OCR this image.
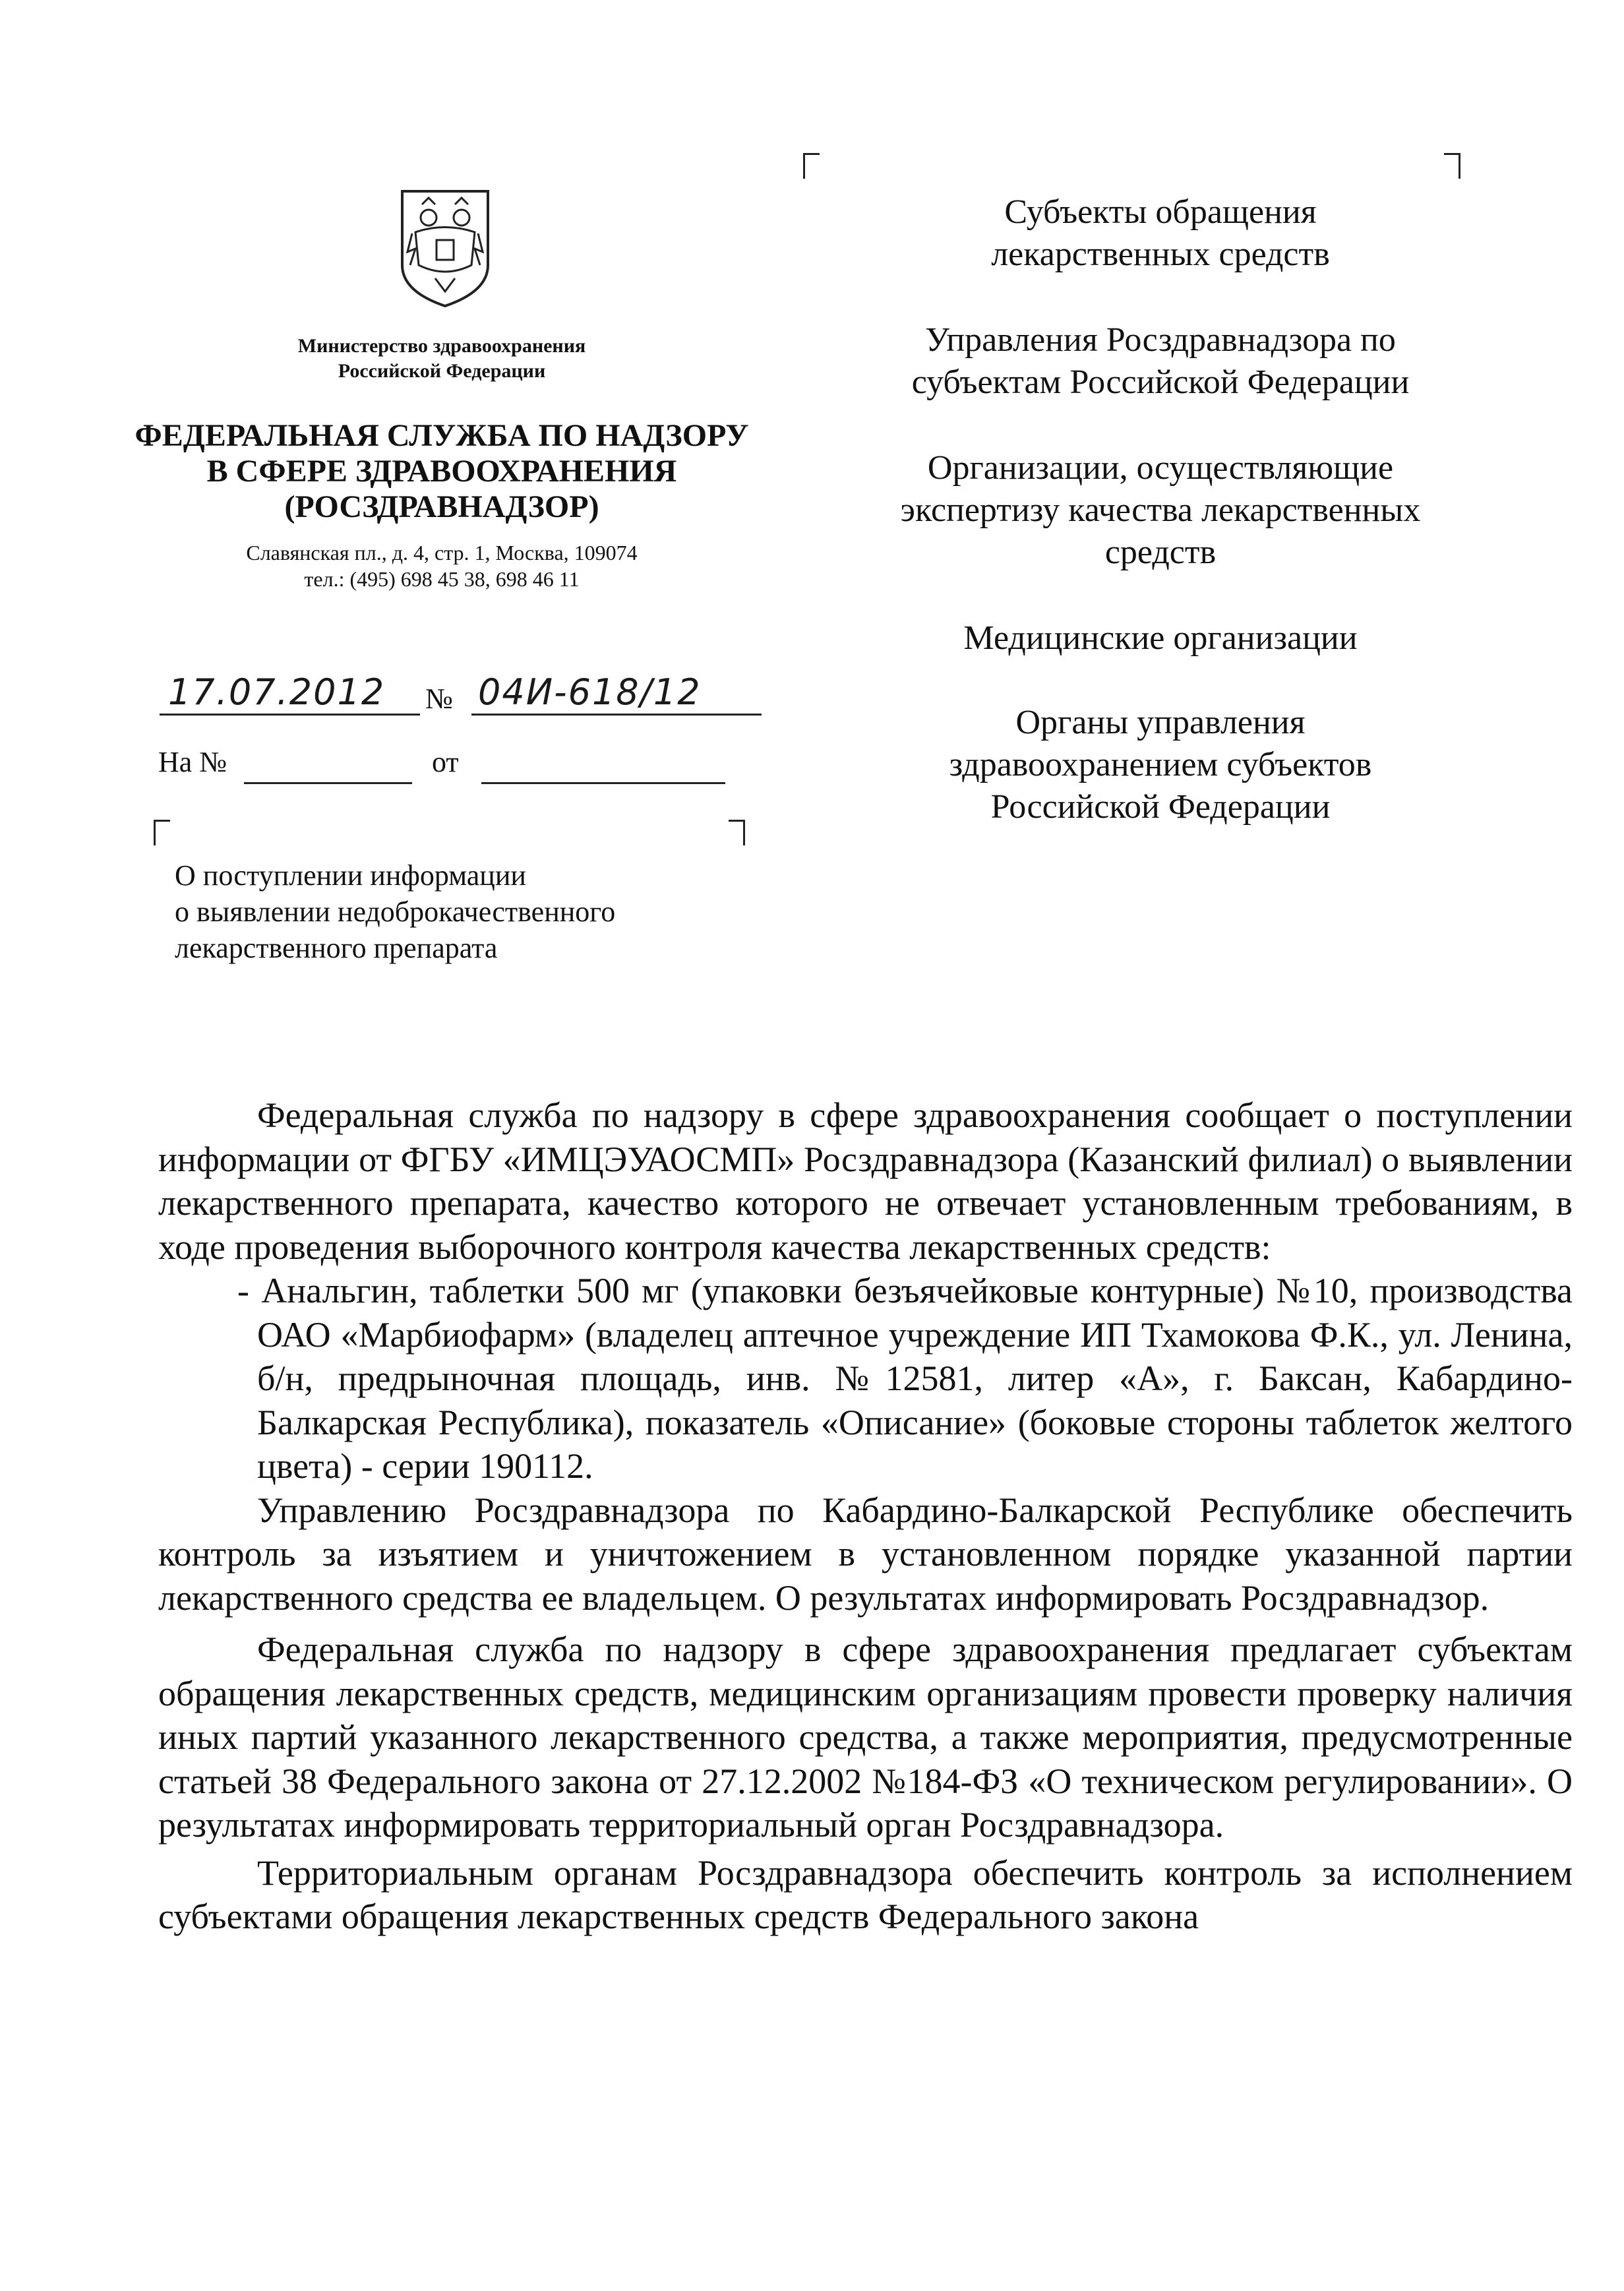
Министерство здравоохранения
Российской Федерации
ФЕДЕРАЛЬНАЯ СЛУЖБА ПО НАДЗОРУ
В СФЕРЕ ЗДРАВООХРАНЕНИЯ
(РОСЗДРАВНАДЗОР)
Славянская пл., д. 4, стр. 1, Москва, 109074
тел.: (495) 698 45 38, 698 46 11
17.07.2012 № 04И-618/12
На №	от
О поступлении информации
о выявлении недоброкачественного
лекарственного препарата
Субъекты обращения
лекарственных средств
Управления Росздравнадзора по
субъектам Российской Федерации
Организации, осуществляющие
экспертизу качества лекарственных
средств
Медицинские организации
Органы управления
здравоохранением субъектов
Российской Федерации

Федеральная служба по надзору в сфере здравоохранения сообщает о поступлении информации от ФГБУ «ИМЦЭУАОСМП» Росздравнадзора (Казанский филиал) о выявлении лекарственного препарата, качество которого не отвечает установленным требованиям, в ходе проведения выборочного контроля качества лекарственных средств:

- Анальгин, таблетки 500 мг (упаковки безъячейковые контурные) №10, производства ОАО «Марбиофарм» (владелец аптечное учреждение ИП Тхамокова Ф.К., ул. Ленина, б/н, предрыночная площадь, инв. №12581, литер «А», г. Баксан, Кабардино-Балкарская Республика), показатель «Описание» (боковые стороны таблеток желтого цвета) - серии 190112.

Управлению Росздравнадзора по Кабардино-Балкарской Республике обеспечить контроль за изъятием и уничтожением в установленном порядке указанной партии лекарственного средства ее владельцем. О результатах информировать Росздравнадзор.

Федеральная служба по надзору в сфере здравоохранения предлагает субъектам обращения лекарственных средств, медицинским организациям провести проверку наличия иных партий указанного лекарственного средства, а также мероприятия, предусмотренные статьей 38 Федерального закона от 27.12.2002 №184-ФЗ «О техническом регулировании». О результатах информировать территориальный орган Росздравнадзора.

Территориальным органам Росздравнадзора обеспечить контроль за исполнением субъектами обращения лекарственных средств Федерального закона
